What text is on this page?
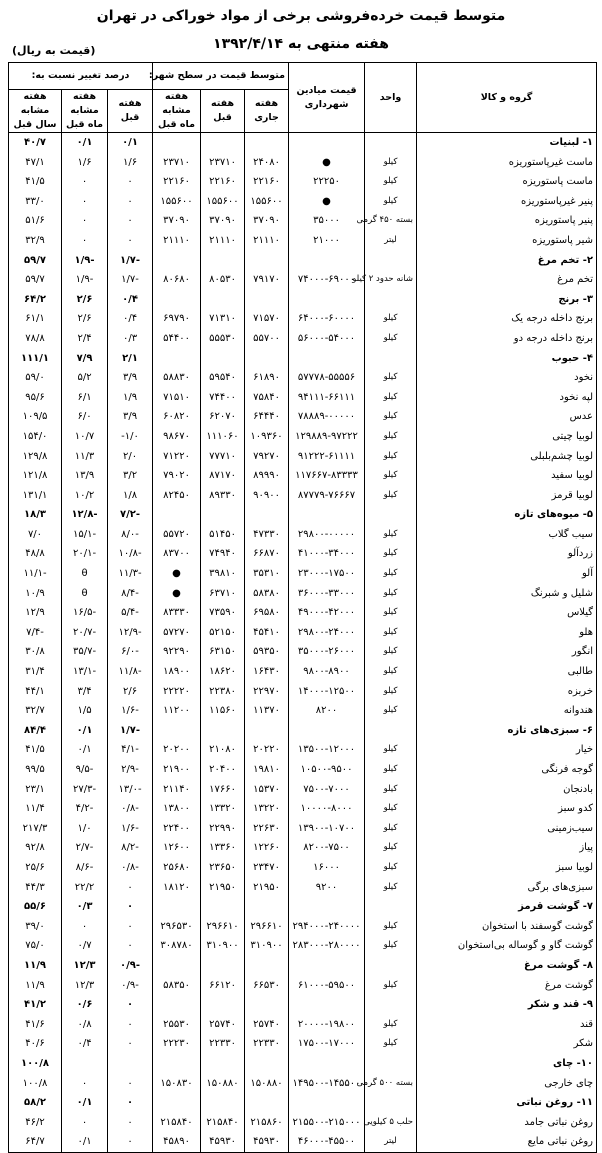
متوسط قیمت خرده‌فروشی برخی از مواد خوراکی در تهران
هفته منتهی به ۱۳۹۲/۴/۱۴
(قیمت به ریال)
گروه و کالا	واحد	قیمت میادین شهرداری	متوسط قیمت در سطح شهر:			درصد تغییر نسبت به:		
			هفته جاری	هفته قبل	هفته مشابه ماه قبل	هفته قبل	هفته مشابه ماه قبل	هفته مشابه سال قبل
۱- لبنیات						۰/۱	۰/۱	۴۰/۷
ماست غیرپاستوریزه	کیلو	●	۲۴۰۸۰	۲۳۷۱۰	۲۳۷۱۰	۱/۶	۱/۶	۴۷/۱
ماست پاستوریزه	کیلو	۲۲۲۵۰	۲۲۱۶۰	۲۲۱۶۰	۲۲۱۶۰	۰	۰	۴۱/۵
پنیر غیرپاستوریزه	کیلو	●	۱۵۵۶۰۰	۱۵۵۶۰۰	۱۵۵۶۰۰	۰	۰	۳۳/۰
پنیر پاستوریزه	بسته ۴۵۰ گرمی	۳۵۰۰۰	۳۷۰۹۰	۳۷۰۹۰	۳۷۰۹۰	۰	۰	۵۱/۶
شیر پاستوریزه	لیتر	۲۱۰۰۰	۲۱۱۱۰	۲۱۱۱۰	۲۱۱۱۰	۰	۰	۳۲/۹
۲- تخم مرغ						-۱/۷	-۱/۹	۵۹/۷
تخم مرغ	شانه حدود ۲ کیلو	۷۴۰۰۰-۶۹۰۰۰	۷۹۱۷۰	۸۰۵۳۰	۸۰۶۸۰	-۱/۷	-۱/۹	۵۹/۷
۳- برنج						۰/۴	۲/۶	۶۴/۲
برنج داخله درجه یک	کیلو	۶۴۰۰۰-۶۰۰۰۰	۷۱۵۷۰	۷۱۳۱۰	۶۹۷۹۰	۰/۴	۲/۶	۶۱/۱
برنج داخله درجه دو	کیلو	۵۶۰۰۰-۵۴۰۰۰	۵۵۷۰۰	۵۵۵۳۰	۵۴۴۰۰	۰/۳	۲/۴	۷۸/۸
۴- حبوب						۲/۱	۷/۹	۱۱۱/۱
نخود	کیلو	۵۷۷۷۸-۵۵۵۵۶	۶۱۸۹۰	۵۹۵۴۰	۵۸۸۳۰	۳/۹	۵/۲	۵۹/۰
لپه نخود	کیلو	۹۴۱۱۱-۶۶۱۱۱	۷۵۸۴۰	۷۴۴۰۰	۷۱۵۱۰	۱/۹	۶/۱	۹۵/۶
عدس	کیلو	۷۸۸۸۹-۰۰۰۰۰	۶۴۴۴۰	۶۲۰۷۰	۶۰۸۲۰	۳/۹	۶/۰	۱۰۹/۵
لوبیا چیتی	کیلو	۱۲۹۸۸۹-۹۷۲۲۲	۱۰۹۳۶۰	۱۱۱۰۶۰	۹۸۶۷۰	۱/۰-	۱۰/۷	۱۵۴/۰
لوبیا چشم‌بلبلی	کیلو	۹۱۲۲۲-۶۱۱۱۱	۷۹۲۷۰	۷۷۷۱۰	۷۱۲۲۰	۲/۰	۱۱/۳	۱۲۹/۸
لوبیا سفید	کیلو	۱۱۷۶۶۷-۸۳۳۳۳	۸۹۹۹۰	۸۷۱۷۰	۷۹۰۲۰	۳/۲	۱۳/۹	۱۲۱/۸
لوبیا قرمز	کیلو	۸۷۷۷۹-۷۶۶۶۷	۹۰۹۰۰	۸۹۳۳۰	۸۲۴۵۰	۱/۸	۱۰/۲	۱۳۱/۱
۵- میوه‌های تازه						-۷/۲	-۱۲/۸	۱۸/۳
سیب گلاب	کیلو	۲۹۸۰۰-۰۰۰۰۰	۴۷۳۳۰	۵۱۴۵۰	۵۵۷۲۰	-۸/۰	-۱۵/۱	۷/۰
زردآلو	کیلو	۴۱۰۰۰-۳۴۰۰۰	۶۶۸۷۰	۷۴۹۴۰	۸۳۷۰۰	-۱۰/۸	-۲۰/۱	۴۸/۸
آلو	کیلو	۲۳۰۰۰-۱۷۵۰۰	۳۵۳۱۰	۳۹۸۱۰	●	-۱۱/۳	θ	-۱۱/۱
شلیل و شبرنگ	کیلو	۳۶۰۰۰-۳۳۰۰۰	۵۸۳۸۰	۶۳۷۱۰	●	-۸/۴	θ	۱۰/۹
گیلاس	کیلو	۴۹۰۰۰-۴۲۰۰۰	۶۹۵۸۰	۷۳۵۹۰	۸۳۳۳۰	-۵/۴	-۱۶/۵	۱۲/۹
هلو	کیلو	۲۹۸۰۰-۲۴۰۰۰	۴۵۴۱۰	۵۲۱۵۰	۵۷۲۷۰	-۱۲/۹	-۲۰/۷	-۷/۴
انگور	کیلو	۳۵۰۰۰-۲۶۰۰۰	۵۹۳۵۰	۶۳۱۵۰	۹۲۲۹۰	-۶/۰	-۳۵/۷	۳۰/۸
طالبی	کیلو	۹۸۰۰-۸۹۰۰	۱۶۴۳۰	۱۸۶۲۰	۱۸۹۰۰	-۱۱/۸	-۱۳/۱	۳۱/۴
خربزه	کیلو	۱۴۰۰۰-۱۲۵۰۰	۲۲۹۷۰	۲۲۳۸۰	۲۲۲۲۰	۲/۶	۳/۴	۴۴/۱
هندوانه	کیلو	۸۲۰۰	۱۱۳۷۰	۱۱۵۶۰	۱۱۲۰۰	-۱/۶	۱/۵	۳۲/۷
۶- سبزی‌های تازه						-۱/۷	۰/۱	۸۴/۴
خیار	کیلو	۱۳۵۰۰-۱۲۰۰۰	۲۰۲۲۰	۲۱۰۸۰	۲۰۲۰۰	-۴/۱	۰/۱	۴۱/۵
گوجه فرنگی	کیلو	۱۰۵۰۰-۹۵۰۰	۱۹۸۱۰	۲۰۴۰۰	۲۱۹۰۰	-۲/۹	-۹/۵	۹۹/۵
بادنجان	کیلو	۷۵۰۰-۷۰۰۰	۱۵۳۷۰	۱۷۶۶۰	۲۱۱۴۰	-۱۳/۰	-۲۷/۳	۲۳/۱
کدو سبز	کیلو	۱۰۰۰۰-۸۰۰۰	۱۳۲۲۰	۱۳۳۲۰	۱۳۸۰۰	-۰/۸	-۴/۲	۱۱/۴
سیب‌زمینی	کیلو	۱۳۹۰۰-۱۰۷۰۰	۲۲۶۳۰	۲۲۹۹۰	۲۲۴۰۰	-۱/۶	۱/۰	۲۱۷/۳
پیاز	کیلو	۸۲۰۰-۷۵۰۰	۱۲۲۶۰	۱۳۳۶۰	۱۲۶۰۰	-۸/۲	-۲/۷	۹۲/۸
لوبیا سبز	کیلو	۱۶۰۰۰	۲۳۴۷۰	۲۳۶۵۰	۲۵۶۸۰	-۰/۸	-۸/۶	۲۵/۶
سبزی‌های برگی	کیلو	۹۲۰۰	۲۱۹۵۰	۲۱۹۵۰	۱۸۱۲۰	۰	۲۲/۲	۴۴/۳
۷- گوشت قرمز						۰	۰/۳	۵۵/۶
گوشت گوسفند با استخوان	کیلو	۲۹۴۰۰۰-۲۴۰۰۰۰	۲۹۶۶۱۰	۲۹۶۶۱۰	۲۹۶۵۳۰	۰	۰	۳۹/۰
گوشت گاو و گوساله بی‌استخوان	کیلو	۲۸۳۰۰۰-۲۸۰۰۰۰	۳۱۰۹۰۰	۳۱۰۹۰۰	۳۰۸۷۸۰	۰	۰/۷	۷۵/۰
۸- گوشت مرغ						-۰/۹	۱۲/۳	۱۱/۹
گوشت مرغ	کیلو	۶۱۰۰۰-۵۹۵۰۰	۶۶۵۳۰	۶۶۱۲۰	۵۸۳۵۰	-۰/۹	۱۲/۳	۱۱/۹
۹- قند و شکر						۰	۰/۶	۴۱/۲
قند	کیلو	۲۰۰۰۰-۱۹۸۰۰	۲۵۷۴۰	۲۵۷۴۰	۲۵۵۳۰	۰	۰/۸	۴۱/۶
شکر	کیلو	۱۷۵۰۰-۱۷۰۰۰	۲۲۳۳۰	۲۲۳۳۰	۲۲۲۳۰	۰	۰/۴	۴۰/۶
۱۰- چای								۱۰۰/۸
چای خارجی	بسته ۵۰۰ گرمی	۱۴۹۵۰۰-۱۴۵۵۰۰	۱۵۰۸۸۰	۱۵۰۸۸۰	۱۵۰۸۳۰	۰	۰	۱۰۰/۸
۱۱- روغن نباتی						۰	۰/۱	۵۸/۲
روغن نباتی جامد	حلب ۵ کیلویی	۲۱۵۵۰۰-۲۱۵۰۰۰	۲۱۵۸۶۰	۲۱۵۸۴۰	۲۱۵۸۴۰	۰	۰	۴۶/۲
روغن نباتی مایع	لیتر	۴۶۰۰۰-۴۵۵۰۰	۴۵۹۳۰	۴۵۹۳۰	۴۵۸۹۰	۰	۰/۱	۶۴/۷
